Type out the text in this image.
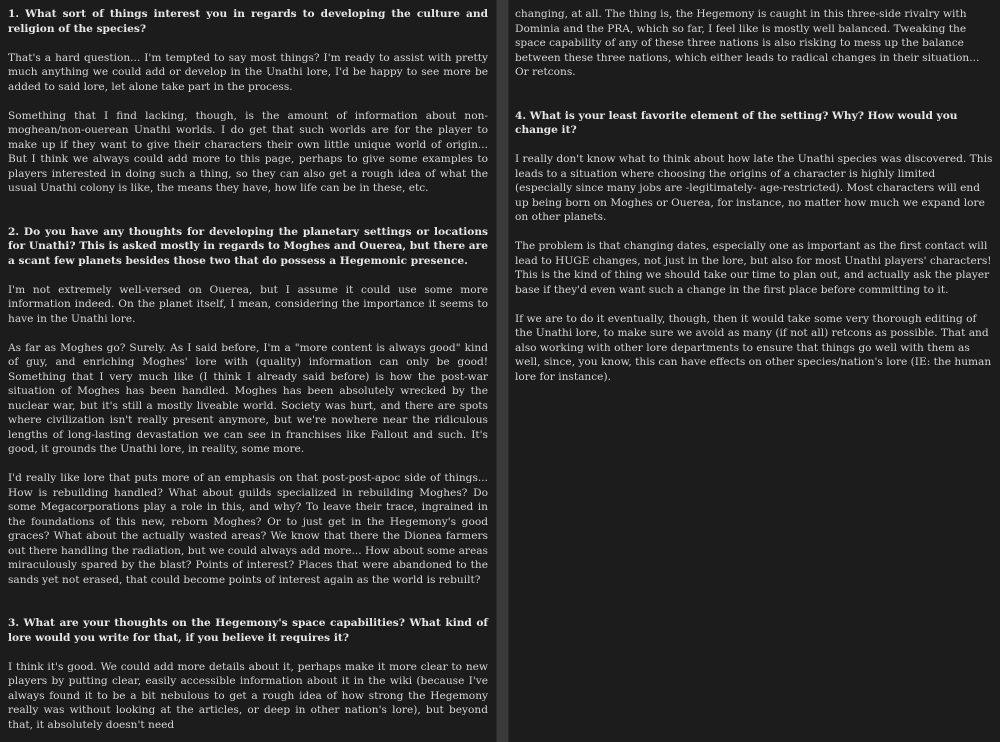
1. What sort of things interest you in regards to developing the culture and religion of the species?

That's a hard question... I'm tempted to say most things? I'm ready to assist with pretty much anything we could add or develop in the Unathi lore, I'd be happy to see more be added to said lore, let alone take part in the process.

Something that I find lacking, though, is the amount of information about non-moghean/non-ouerean Unathi worlds. I do get that such worlds are for the player to make up if they want to give their characters their own little unique world of origin... But I think we always could add more to this page, perhaps to give some examples to players interested in doing such a thing, so they can also get a rough idea of what the usual Unathi colony is like, the means they have, how life can be in these, etc.

2. Do you have any thoughts for developing the planetary settings or locations for Unathi? This is asked mostly in regards to Moghes and Ouerea, but there are a scant few planets besides those two that do possess a Hegemonic presence.

I'm not extremely well-versed on Ouerea, but I assume it could use some more information indeed. On the planet itself, I mean, considering the importance it seems to have in the Unathi lore.

As far as Moghes go? Surely. As I said before, I'm a "more content is always good" kind of guy, and enriching Moghes' lore with (quality) information can only be good! Something that I very much like (I think I already said before) is how the post-war situation of Moghes has been handled. Moghes has been absolutely wrecked by the nuclear war, but it's still a mostly liveable world. Society was hurt, and there are spots where civilization isn't really present anymore, but we're nowhere near the ridiculous lengths of long-lasting devastation we can see in franchises like Fallout and such. It's good, it grounds the Unathi lore, in reality, some more.

I'd really like lore that puts more of an emphasis on that post-post-apoc side of things... How is rebuilding handled? What about guilds specialized in rebuilding Moghes? Do some Megacorporations play a role in this, and why? To leave their trace, ingrained in the foundations of this new, reborn Moghes? Or to just get in the Hegemony's good graces? What about the actually wasted areas? We know that there the Dionea farmers out there handling the radiation, but we could always add more... How about some areas miraculously spared by the blast? Points of interest? Places that were abandoned to the sands yet not erased, that could become points of interest again as the world is rebuilt?

3. What are your thoughts on the Hegemony's space capabilities? What kind of lore would you write for that, if you believe it requires it?

I think it's good. We could add more details about it, perhaps make it more clear to new players by putting clear, easily accessible information about it in the wiki (because I've always found it to be a bit nebulous to get a rough idea of how strong the Hegemony really was without looking at the articles, or deep in other nation's lore), but beyond that, it absolutely doesn't need

changing, at all. The thing is, the Hegemony is caught in this three-side rivalry with Dominia and the PRA, which so far, I feel like is mostly well balanced. Tweaking the space capability of any of these three nations is also risking to mess up the balance between these three nations, which either leads to radical changes in their situation... Or retcons.

4. What is your least favorite element of the setting? Why? How would you change it?

I really don't know what to think about how late the Unathi species was discovered. This leads to a situation where choosing the origins of a character is highly limited (especially since many jobs are -legitimately- age-restricted). Most characters will end up being born on Moghes or Ouerea, for instance, no matter how much we expand lore on other planets.

The problem is that changing dates, especially one as important as the first contact will lead to HUGE changes, not just in the lore, but also for most Unathi players' characters! This is the kind of thing we should take our time to plan out, and actually ask the player base if they'd even want such a change in the first place before committing to it.

If we are to do it eventually, though, then it would take some very thorough editing of the Unathi lore, to make sure we avoid as many (if not all) retcons as possible. That and also working with other lore departments to ensure that things go well with them as well, since, you know, this can have effects on other species/nation's lore (IE: the human lore for instance).
